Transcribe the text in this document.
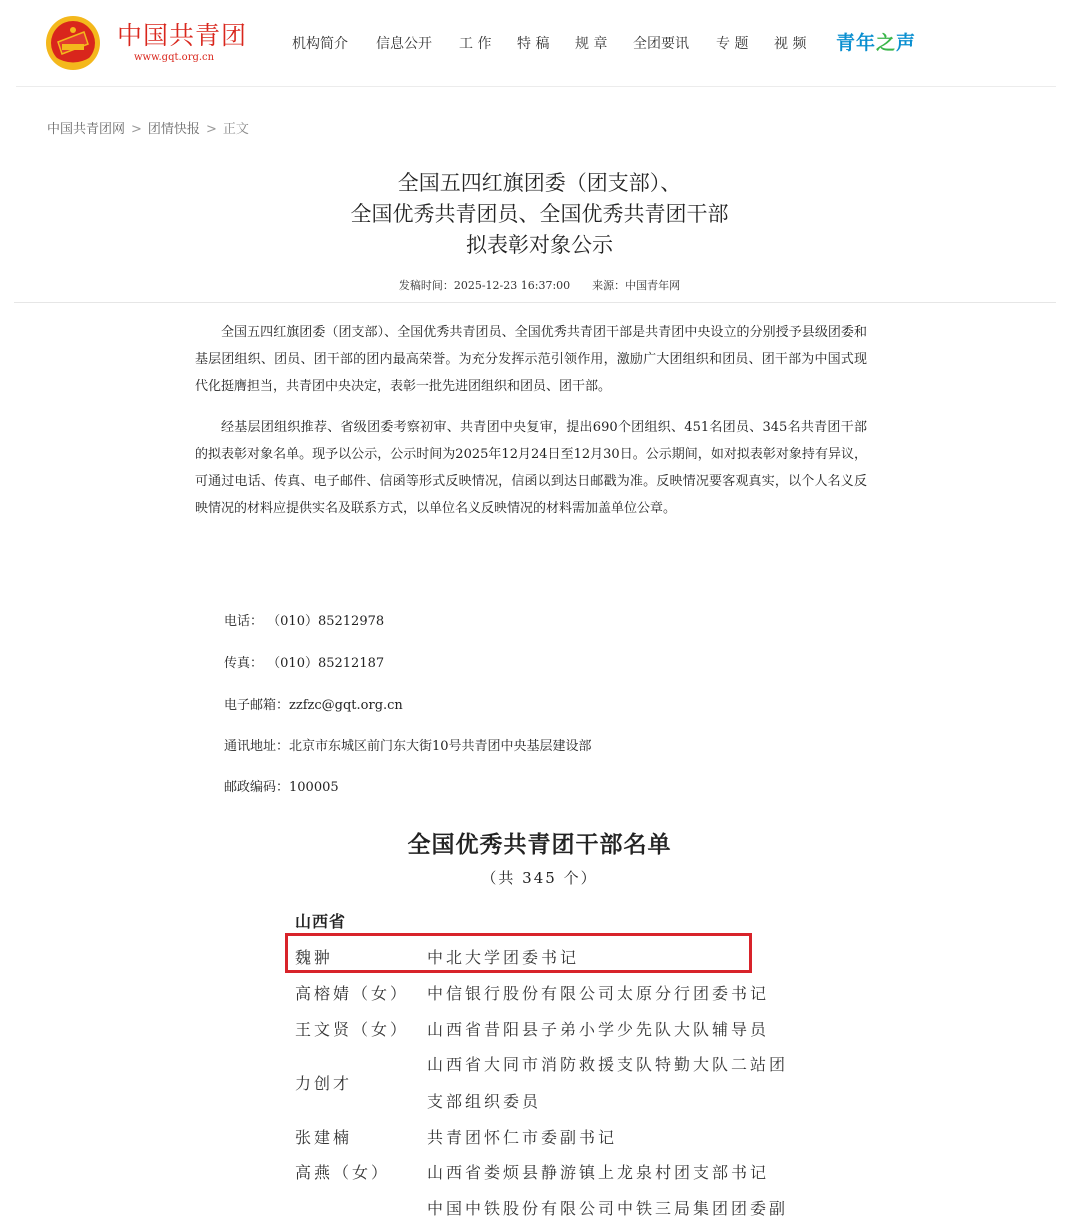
中国共青团
www.gqt.org.cn
机构简介 信息公开 工 作 特 稿 规 章 全团要讯 专 题 视 频 青年之声
中国共青团网 > 团情快报 > 正文
全国五四红旗团委（团支部）、
全国优秀共青团员、全国优秀共青团干部
拟表彰对象公示
发稿时间：2025-12-23 16:37:00 来源：中国青年网

全国五四红旗团委（团支部）、全国优秀共青团员、全国优秀共青团干部是共青团中央设立的分别授予县级团委和基层团组织、团员、团干部的团内最高荣誉。为充分发挥示范引领作用，激励广大团组织和团员、团干部为中国式现代化挺膺担当，共青团中央决定，表彰一批先进团组织和团员、团干部。

经基层团组织推荐、省级团委考察初审、共青团中央复审，提出690个团组织、451名团员、345名共青团干部的拟表彰对象名单。现予以公示，公示时间为2025年12月24日至12月30日。公示期间，如对拟表彰对象持有异议，可通过电话、传真、电子邮件、信函等形式反映情况，信函以到达日邮戳为准。反映情况要客观真实，以个人名义反映情况的材料应提供实名及联系方式，以单位名义反映情况的材料需加盖单位公章。

电话： （010）85212978
传真： （010）85212187
电子邮箱：zzfzc@gqt.org.cn
通讯地址：北京市东城区前门东大街10号共青团中央基层建设部
邮政编码：100005
全国优秀共青团干部名单
（共 345 个）
山西省
魏翀	中北大学团委书记
高榕婧（女） 中信银行股份有限公司太原分行团委书记
王文贤（女） 山西省昔阳县子弟小学少先队大队辅导员
力创才
山西省大同市消防救援支队特勤大队二站团
支部组织委员
张建楠	共青团怀仁市委副书记
高燕（女） 山西省娄烦县静游镇上龙泉村团支部书记
中国中铁股份有限公司中铁三局集团团委副
